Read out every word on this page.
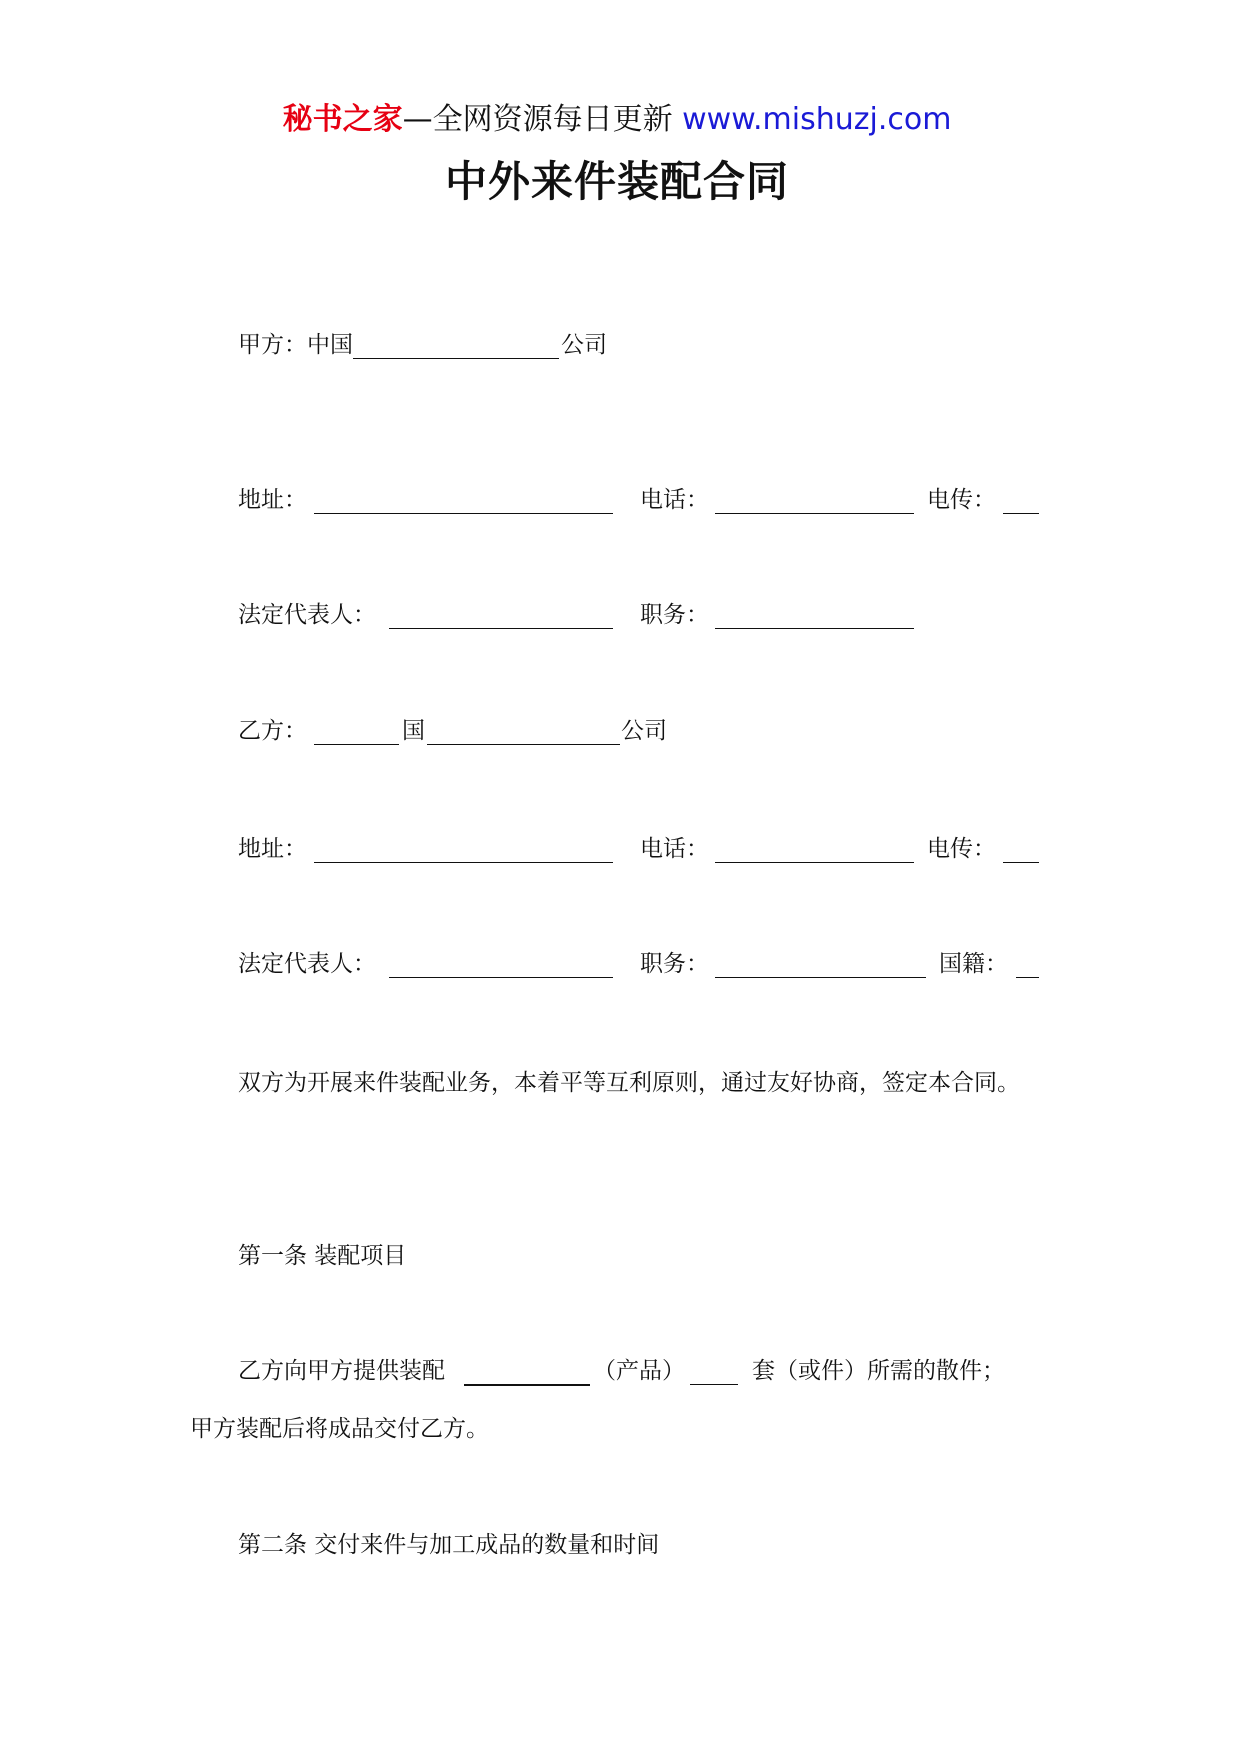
秘书之家—全网资源每日更新 www.mishuzj.com
中外来件装配合同
甲方：中国	公司
地址：	电话：	电传：
法定代表人：	职务：
乙方：	国	公司
地址：	电话：	电传：
法定代表人：	职务：	国籍：
双方为开展来件装配业务，本着平等互利原则，通过友好协商，签定本合同。
第一条 装配项目
乙方向甲方提供装配	（产品）	套（或件）所需的散件；
甲方装配后将成品交付乙方。
第二条 交付来件与加工成品的数量和时间
